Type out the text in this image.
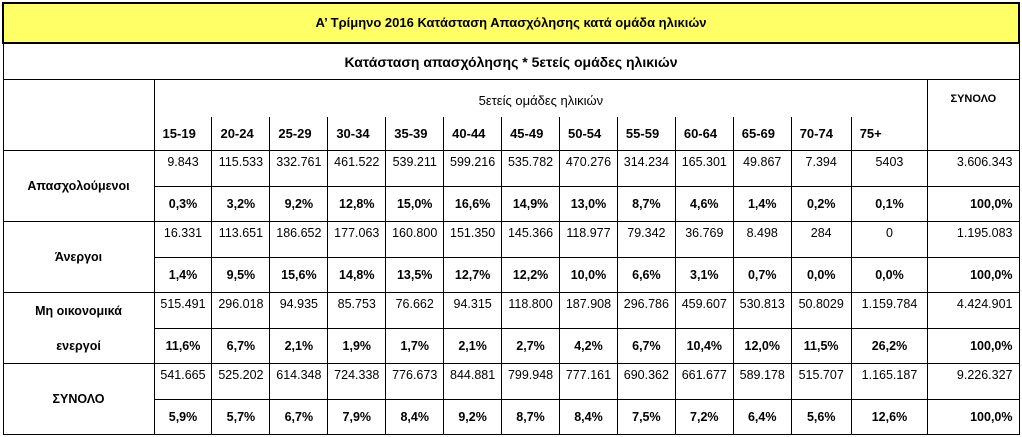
A’ Τρίμηνο 2016 Κατάσταση Απασχόλησης κατά ομάδα ηλικιών														
Κατάσταση απασχόλησης * 5ετείς ομάδες ηλικιών														
	5ετείς ομάδες ηλικιών													ΣΥΝΟΛΟ
	15-19	20-24	25-29	30-34	35-39	40-44	45-49	50-54	55-59	60-64	65-69	70-74	75+	
Απασχολούμενοι	9.843	115.533	332.761	461.522	539.211	599.216	535.782	470.276	314.234	165.301	49.867	7.394	5403	3.606.343
	0,3%	3,2%	9,2%	12,8%	15,0%	16,6%	14,9%	13,0%	8,7%	4,6%	1,4%	0,2%	0,1%	100,0%
Άνεργοι	16.331	113.651	186.652	177.063	160.800	151.350	145.366	118.977	79.342	36.769	8.498	284	0	1.195.083
	1,4%	9,5%	15,6%	14,8%	13,5%	12,7%	12,2%	10,0%	6,6%	3,1%	0,7%	0,0%	0,0%	100,0%
Μη οικονομικά	515.491	296.018	94.935	85.753	76.662	94.315	118.800	187.908	296.786	459.607	530.813	50.8029	1.159.784	4.424.901
ενεργοί	11,6%	6,7%	2,1%	1,9%	1,7%	2,1%	2,7%	4,2%	6,7%	10,4%	12,0%	11,5%	26,2%	100,0%
ΣΥΝΟΛΟ	541.665	525.202	614.348	724.338	776.673	844.881	799.948	777.161	690.362	661.677	589.178	515.707	1.165.187	9.226.327
	5,9%	5,7%	6,7%	7,9%	8,4%	9,2%	8,7%	8,4%	7,5%	7,2%	6,4%	5,6%	12,6%	100,0%
